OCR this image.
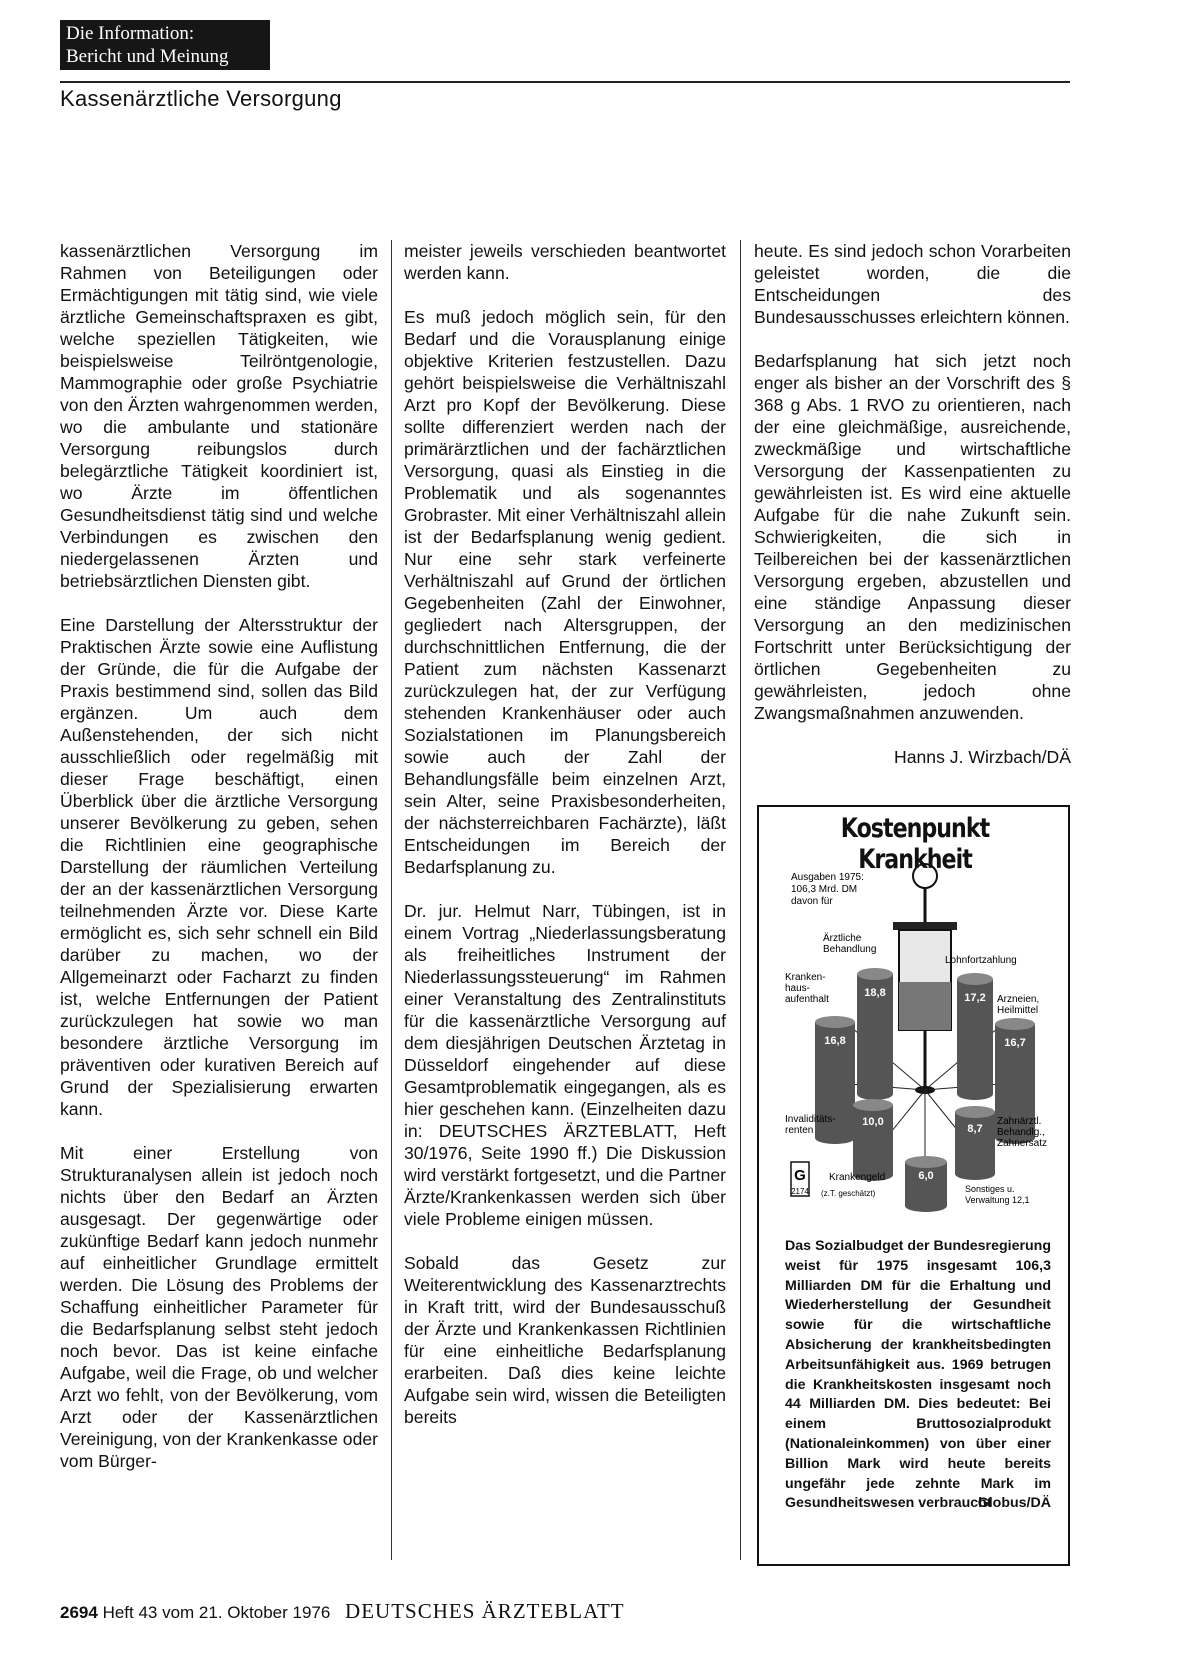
Die Information:
Bericht und Meinung
Kassenärztliche Versorgung

kassenärztlichen Versorgung im Rahmen von Beteiligungen oder Ermächtigungen mit tätig sind, wie viele ärztliche Gemeinschaftspraxen es gibt, welche speziellen Tätigkeiten, wie beispielsweise Teilröntgenologie, Mammographie oder große Psychiatrie von den Ärzten wahrgenommen werden, wo die ambulante und stationäre Versorgung reibungslos durch belegärztliche Tätigkeit koordiniert ist, wo Ärzte im öffentlichen Gesundheitsdienst tätig sind und welche Verbindungen es zwischen den niedergelassenen Ärzten und betriebsärztlichen Diensten gibt.

Eine Darstellung der Altersstruktur der Praktischen Ärzte sowie eine Auflistung der Gründe, die für die Aufgabe der Praxis bestimmend sind, sollen das Bild ergänzen. Um auch dem Außenstehenden, der sich nicht ausschließlich oder regelmäßig mit dieser Frage beschäftigt, einen Überblick über die ärztliche Versorgung unserer Bevölkerung zu geben, sehen die Richtlinien eine geographische Darstellung der räumlichen Verteilung der an der kassenärztlichen Versorgung teilnehmenden Ärzte vor. Diese Karte ermöglicht es, sich sehr schnell ein Bild darüber zu machen, wo der Allgemeinarzt oder Facharzt zu finden ist, welche Entfernungen der Patient zurückzulegen hat sowie wo man besondere ärztliche Versorgung im präventiven oder kurativen Bereich auf Grund der Spezialisierung erwarten kann.

Mit einer Erstellung von Strukturanalysen allein ist jedoch noch nichts über den Bedarf an Ärzten ausgesagt. Der gegenwärtige oder zukünftige Bedarf kann jedoch nunmehr auf einheitlicher Grundlage ermittelt werden. Die Lösung des Problems der Schaffung einheitlicher Parameter für die Bedarfsplanung selbst steht jedoch noch bevor. Das ist keine einfache Aufgabe, weil die Frage, ob und welcher Arzt wo fehlt, von der Bevölkerung, vom Arzt oder der Kassenärztlichen Vereinigung, von der Krankenkasse oder vom Bürger-

meister jeweils verschieden beantwortet werden kann.

Es muß jedoch möglich sein, für den Bedarf und die Vorausplanung einige objektive Kriterien festzustellen. Dazu gehört beispielsweise die Verhältniszahl Arzt pro Kopf der Bevölkerung. Diese sollte differenziert werden nach der primärärztlichen und der fachärztlichen Versorgung, quasi als Einstieg in die Problematik und als sogenanntes Grobraster. Mit einer Verhältniszahl allein ist der Bedarfsplanung wenig gedient. Nur eine sehr stark verfeinerte Verhältniszahl auf Grund der örtlichen Gegebenheiten (Zahl der Einwohner, gegliedert nach Altersgruppen, der durchschnittlichen Entfernung, die der Patient zum nächsten Kassenarzt zurückzulegen hat, der zur Verfügung stehenden Krankenhäuser oder auch Sozialstationen im Planungsbereich sowie auch der Zahl der Behandlungsfälle beim einzelnen Arzt, sein Alter, seine Praxisbesonderheiten, der nächsterreichbaren Fachärzte), läßt Entscheidungen im Bereich der Bedarfsplanung zu.

Dr. jur. Helmut Narr, Tübingen, ist in einem Vortrag „Niederlassungsberatung als freiheitliches Instrument der Niederlassungssteuerung“ im Rahmen einer Veranstaltung des Zentralinstituts für die kassenärztliche Versorgung auf dem diesjährigen Deutschen Ärztetag in Düsseldorf eingehender auf diese Gesamtproblematik eingegangen, als es hier geschehen kann. (Einzelheiten dazu in: DEUTSCHES ÄRZTEBLATT, Heft 30/1976, Seite 1990 ff.) Die Diskussion wird verstärkt fortgesetzt, und die Partner Ärzte/Krankenkassen werden sich über viele Probleme einigen müssen.

Sobald das Gesetz zur Weiterentwicklung des Kassenarztrechts in Kraft tritt, wird der Bundesausschuß der Ärzte und Krankenkassen Richtlinien für eine einheitliche Bedarfsplanung erarbeiten. Daß dies keine leichte Aufgabe sein wird, wissen die Beteiligten bereits

heute. Es sind jedoch schon Vorarbeiten geleistet worden, die die Entscheidungen des Bundesausschusses erleichtern können.

Bedarfsplanung hat sich jetzt noch enger als bisher an der Vorschrift des § 368 g Abs. 1 RVO zu orientieren, nach der eine gleichmäßige, ausreichende, zweckmäßige und wirtschaftliche Versorgung der Kassenpatienten zu gewährleisten ist. Es wird eine aktuelle Aufgabe für die nahe Zukunft sein. Schwierigkeiten, die sich in Teilbereichen bei der kassenärztlichen Versorgung ergeben, abzustellen und eine ständige Anpassung dieser Versorgung an den medizinischen Fortschritt unter Berücksichtigung der örtlichen Gegebenheiten zu gewährleisten, jedoch ohne Zwangsmaßnahmen anzuwenden.

Hanns J. Wirzbach/DÄ

Kostenpunkt Krankheit
Ausgaben 1975:
106,3 Mrd. DM
davon für
18,8	17,2
16,8	16,7
10,0
8,7
6,0
Ärztliche
Behandlung
Lohnfortzahlung
Kranken-
haus-
aufenthalt	Arzneien,
Heilmittel
Invaliditäts-
renten
Zahnärztl.
Behandlg.,
Zahnersatz
Krankengeld
Sonstiges u.
Verwaltung 12,1
G
2174 (z.T. geschätzt)
Das Sozialbudget der Bundesregierung weist für 1975 insgesamt 106,3 Milliarden DM für die Erhaltung und Wiederherstellung der Gesundheit sowie für die wirtschaftliche Absicherung der krankheitsbedingten Arbeitsunfähigkeit aus. 1969 betrugen die Krankheitskosten insgesamt noch 44 Milliarden DM. Dies bedeutet: Bei einem Bruttosozialprodukt (Nationaleinkommen) von über einer Billion Mark wird heute bereits ungefähr jede zehnte Mark im Gesundheitswesen verbraucht
Globus/DÄ
2694 Heft 43 vom 21. Oktober 1976 DEUTSCHES ÄRZTEBLATT
